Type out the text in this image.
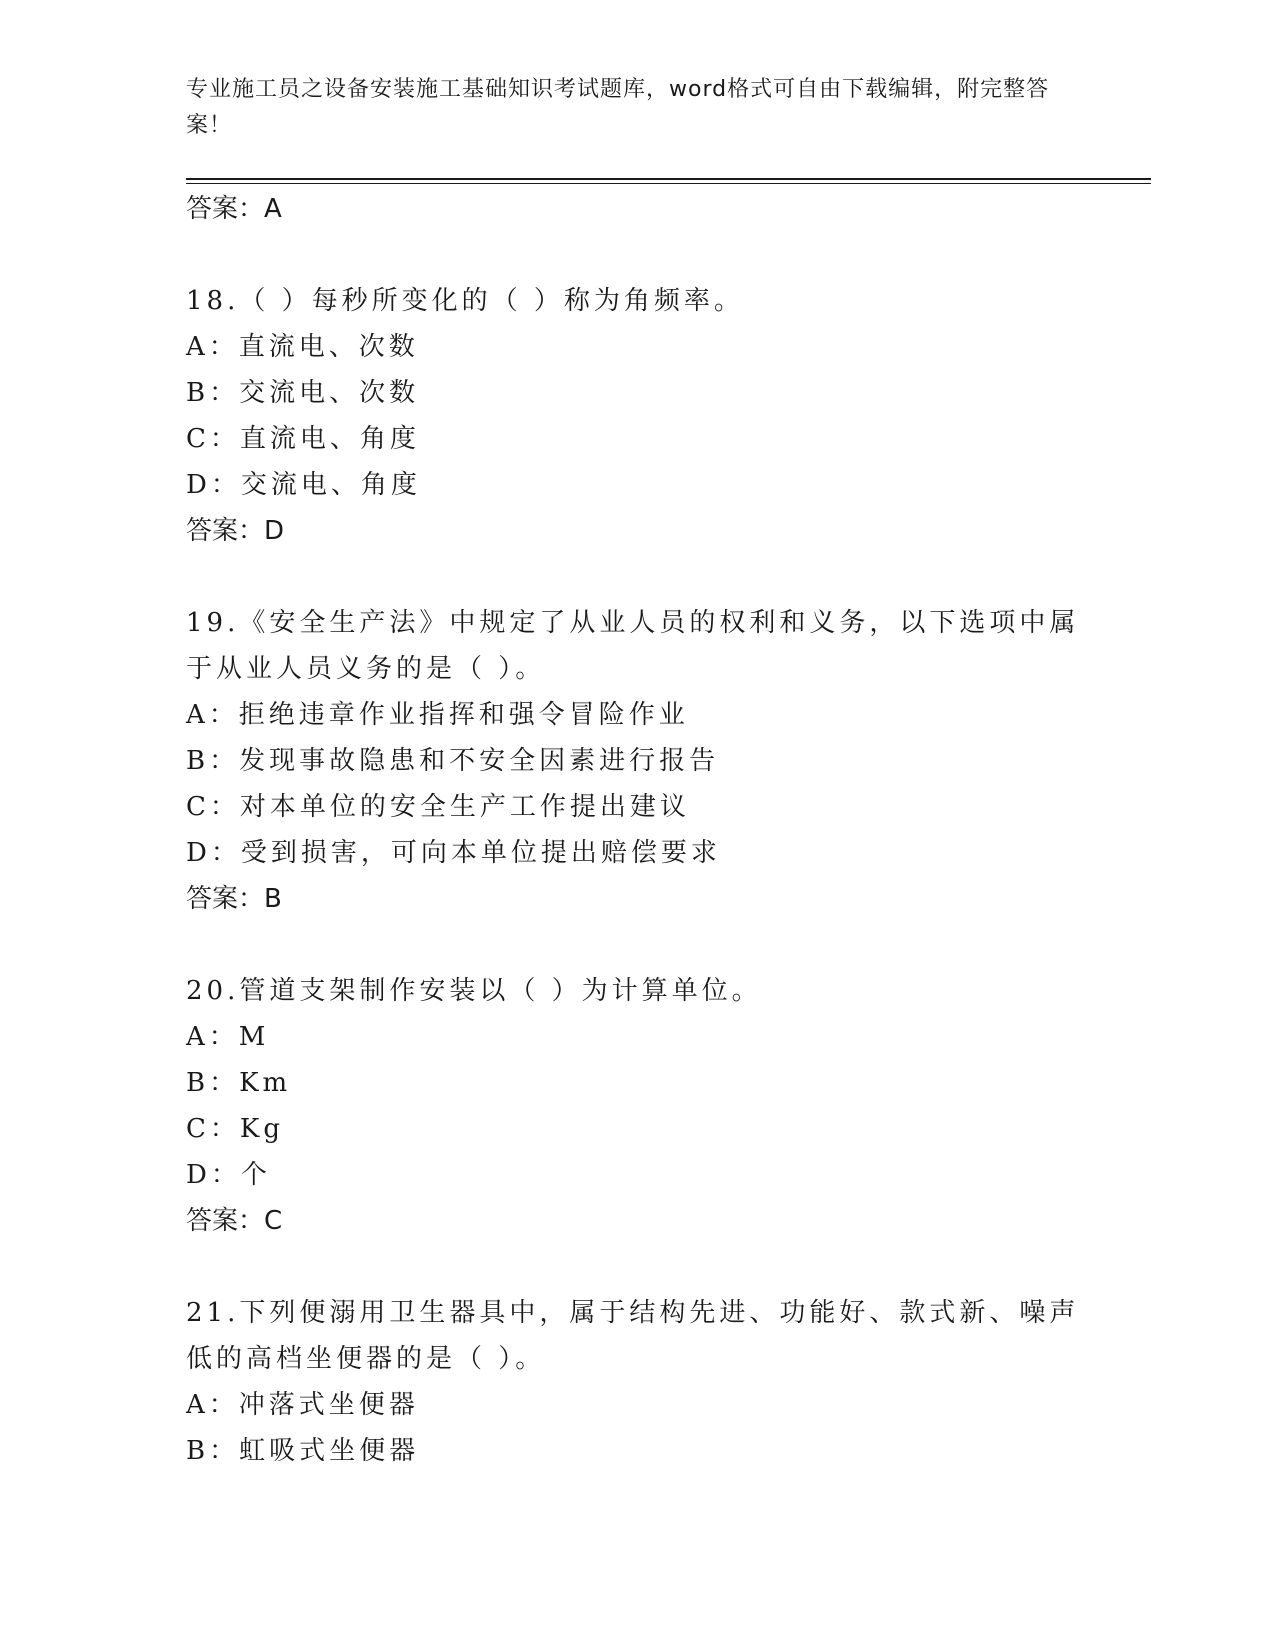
专业施工员之设备安装施工基础知识考试题库，word格式可自由下载编辑，附完整答案！
答案：A
18.（ ）每秒所变化的（ ）称为角频率。
A：直流电、次数
B：交流电、次数
C：直流电、角度
D：交流电、角度
答案：D
19.《安全生产法》中规定了从业人员的权利和义务，以下选项中属于从业人员义务的是（ ）。
A：拒绝违章作业指挥和强令冒险作业
B：发现事故隐患和不安全因素进行报告
C：对本单位的安全生产工作提出建议
D：受到损害，可向本单位提出赔偿要求
答案：B
20.管道支架制作安装以（ ）为计算单位。
A：M
B：Km
C：Kg
D：个
答案：C
21.下列便溺用卫生器具中，属于结构先进、功能好、款式新、噪声低的高档坐便器的是（ ）。
A：冲落式坐便器
B：虹吸式坐便器
